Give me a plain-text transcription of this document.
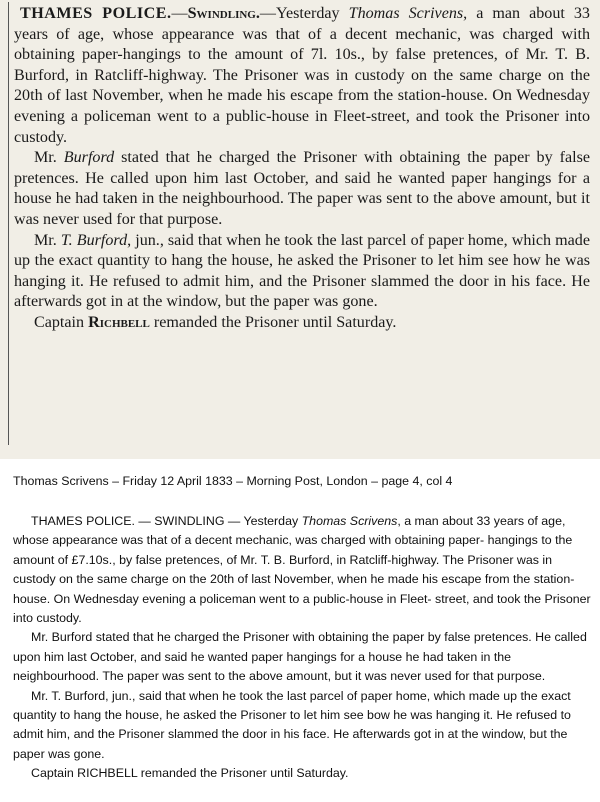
THAMES POLICE.—Swindling.—Yesterday Thomas Scrivens, a man about 33 years of age, whose appearance was that of a decent mechanic, was charged with obtaining paper-hangings to the amount of 7l. 10s., by false pretences, of Mr. T. B. Burford, in Ratcliff-highway. The Prisoner was in custody on the same charge on the 20th of last November, when he made his escape from the station-house. On Wednesday evening a policeman went to a public-house in Fleet-street, and took the Prisoner into custody.

Mr. Burford stated that he charged the Prisoner with obtaining the paper by false pretences. He called upon him last October, and said he wanted paper hangings for a house he had taken in the neighbourhood. The paper was sent to the above amount, but it was never used for that purpose.

Mr. T. Burford, jun., said that when he took the last parcel of paper home, which made up the exact quantity to hang the house, he asked the Prisoner to let him see how he was hanging it. He refused to admit him, and the Prisoner slammed the door in his face. He afterwards got in at the window, but the paper was gone.

Captain Richbell remanded the Prisoner until Saturday.

Thomas Scrivens – Friday 12 April 1833 – Morning Post, London – page 4, col 4

THAMES POLICE. — SWINDLING — Yesterday Thomas Scrivens, a man about 33 years of age, whose appearance was that of a decent mechanic, was charged with obtaining paper- hangings to the amount of £7.10s., by false pretences, of Mr. T. B. Burford, in Ratcliff-highway. The Prisoner was in custody on the same charge on the 20th of last November, when he made his escape from the station-house. On Wednesday evening a policeman went to a public-house in Fleet- street, and took the Prisoner into custody.

Mr. Burford stated that he charged the Prisoner with obtaining the paper by false pretences. He called upon him last October, and said he wanted paper hangings for a house he had taken in the neighbourhood. The paper was sent to the above amount, but it was never used for that purpose.

Mr. T. Burford, jun., said that when he took the last parcel of paper home, which made up the exact quantity to hang the house, he asked the Prisoner to let him see bow he was hanging it. He refused to admit him, and the Prisoner slammed the door in his face. He afterwards got in at the window, but the paper was gone.

Captain RICHBELL remanded the Prisoner until Saturday.
